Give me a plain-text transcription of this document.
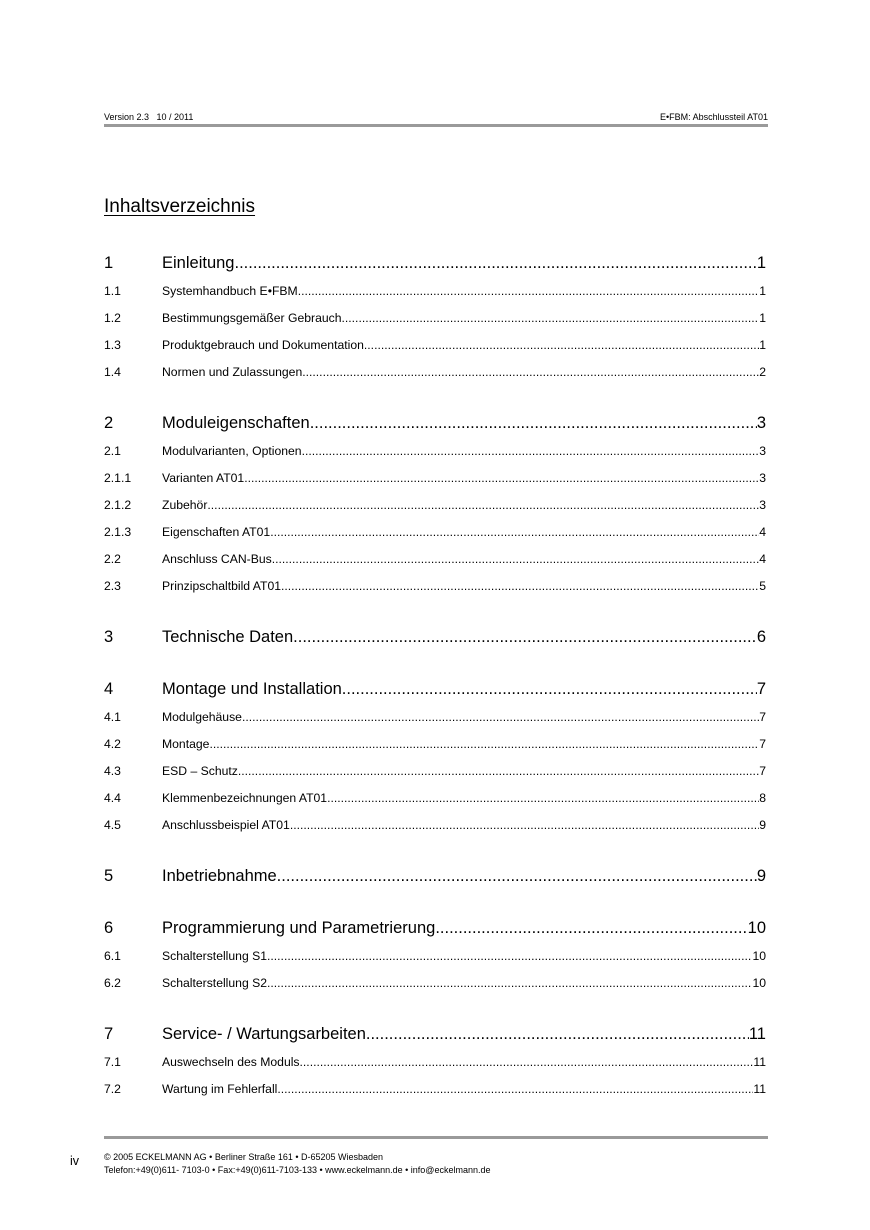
Version 2.3   10 / 2011	E•FBM: Abschlussteil AT01
Inhaltsverzeichnis
1	Einleitung .....	1
1.1	Systemhandbuch E•FBM .....	1
1.2	Bestimmungsgemäßer Gebrauch .....	1
1.3	Produktgebrauch und Dokumentation .....	1
1.4	Normen und Zulassungen .....	2
2	Moduleigenschaften .....	3
2.1	Modulvarianten, Optionen .....	3
2.1.1	Varianten AT01 .....	3
2.1.2	Zubehör .....	3
2.1.3	Eigenschaften AT01 .....	4
2.2	Anschluss CAN-Bus .....	4
2.3	Prinzipschaltbild AT01 .....	5
3	Technische Daten .....	6
4	Montage und Installation .....	7
4.1	Modulgehäuse .....	7
4.2	Montage .....	7
4.3	ESD – Schutz .....	7
4.4	Klemmenbezeichnungen AT01 .....	8
4.5	Anschlussbeispiel AT01 .....	9
5	Inbetriebnahme .....	9
6	Programmierung und Parametrierung .....	10
6.1	Schalterstellung S1 .....	10
6.2	Schalterstellung S2 .....	10
7	Service- / Wartungsarbeiten .....	11
7.1	Auswechseln des Moduls .....	11
7.2	Wartung im Fehlerfall .....	11
iv	© 2005 ECKELMANN AG • Berliner Straße 161 • D-65205 Wiesbaden
Telefon:+49(0)611- 7103-0 • Fax:+49(0)611-7103-133 • www.eckelmann.de • info@eckelmann.de
